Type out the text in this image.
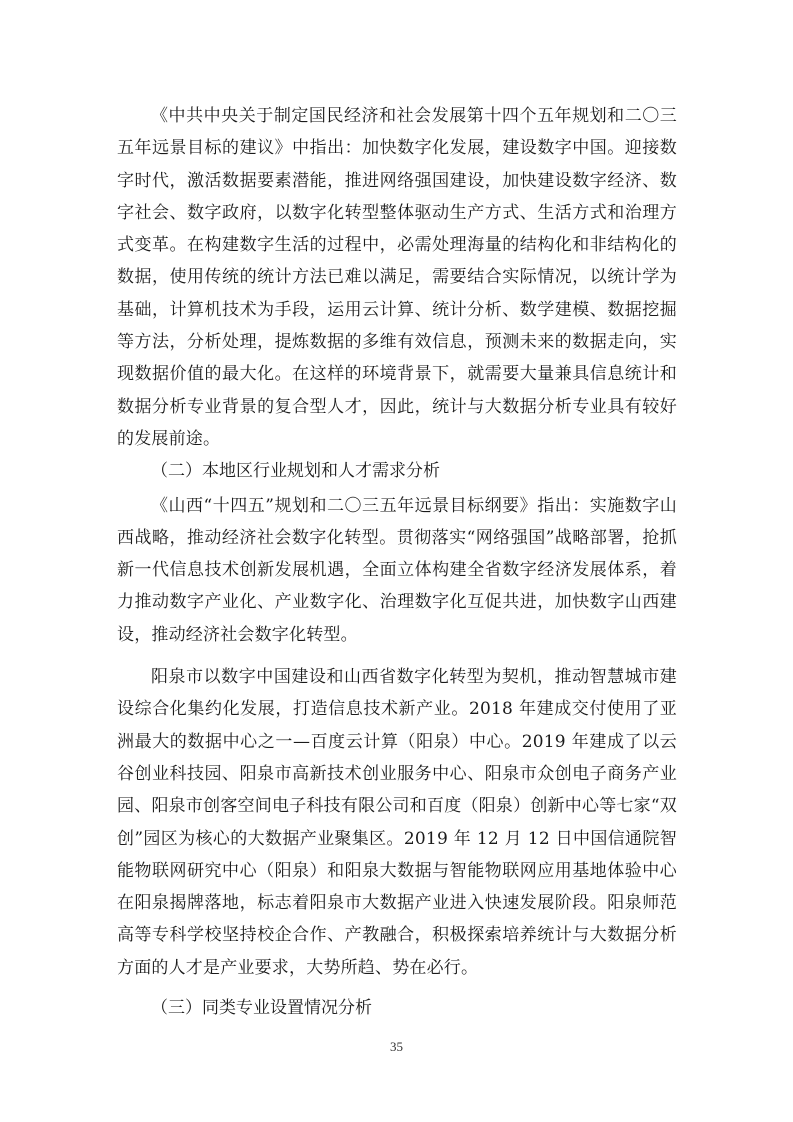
《中共中央关于制定国民经济和社会发展第十四个五年规划和二〇三五年远景目标的建议》中指出：加快数字化发展，建设数字中国。迎接数字时代，激活数据要素潜能，推进网络强国建设，加快建设数字经济、数字社会、数字政府，以数字化转型整体驱动生产方式、生活方式和治理方式变革。在构建数字生活的过程中，必需处理海量的结构化和非结构化的数据，使用传统的统计方法已难以满足，需要结合实际情况，以统计学为基础，计算机技术为手段，运用云计算、统计分析、数学建模、数据挖掘等方法，分析处理，提炼数据的多维有效信息，预测未来的数据走向，实现数据价值的最大化。在这样的环境背景下，就需要大量兼具信息统计和数据分析专业背景的复合型人才，因此，统计与大数据分析专业具有较好的发展前途。

（二）本地区行业规划和人才需求分析

《山西“十四五”规划和二〇三五年远景目标纲要》指出：实施数字山西战略，推动经济社会数字化转型。贯彻落实“网络强国”战略部署，抢抓新一代信息技术创新发展机遇，全面立体构建全省数字经济发展体系，着力推动数字产业化、产业数字化、治理数字化互促共进，加快数字山西建设，推动经济社会数字化转型。

阳泉市以数字中国建设和山西省数字化转型为契机，推动智慧城市建设综合化集约化发展，打造信息技术新产业。2018 年建成交付使用了亚洲最大的数据中心之一—百度云计算（阳泉）中心。2019 年建成了以云谷创业科技园、阳泉市高新技术创业服务中心、阳泉市众创电子商务产业园、阳泉市创客空间电子科技有限公司和百度（阳泉）创新中心等七家“双创”园区为核心的大数据产业聚集区。2019 年 12 月 12 日中国信通院智能物联网研究中心（阳泉）和阳泉大数据与智能物联网应用基地体验中心在阳泉揭牌落地，标志着阳泉市大数据产业进入快速发展阶段。阳泉师范高等专科学校坚持校企合作、产教融合，积极探索培养统计与大数据分析方面的人才是产业要求，大势所趋、势在必行。

（三）同类专业设置情况分析

35
